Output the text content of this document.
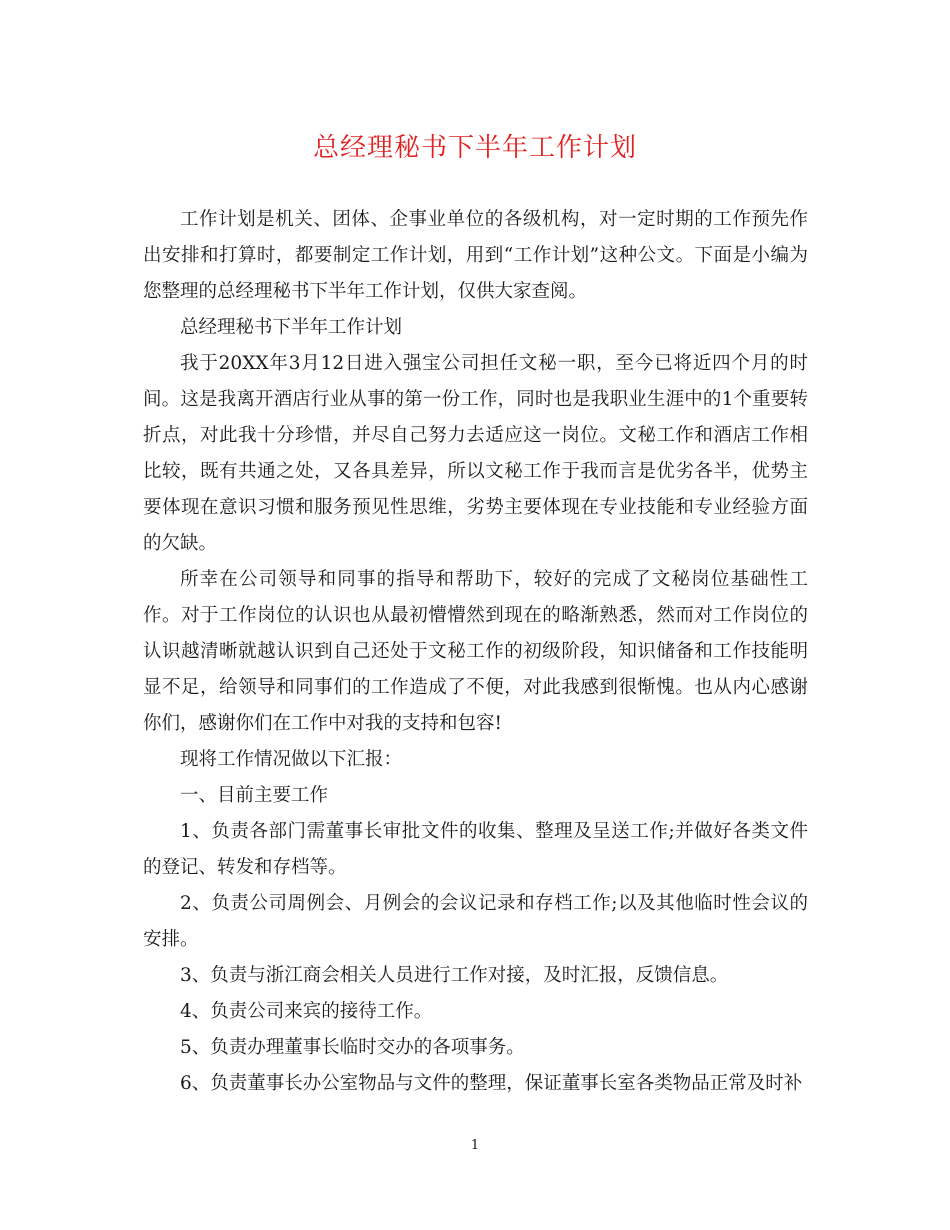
总经理秘书下半年工作计划

工作计划是机关、团体、企事业单位的各级机构，对一定时期的工作预先作出安排和打算时，都要制定工作计划，用到“工作计划”这种公文。下面是小编为您整理的总经理秘书下半年工作计划，仅供大家查阅。

总经理秘书下半年工作计划

我于20XX年3月12日进入强宝公司担任文秘一职，至今已将近四个月的时间。这是我离开酒店行业从事的第一份工作，同时也是我职业生涯中的1个重要转折点，对此我十分珍惜，并尽自己努力去适应这一岗位。文秘工作和酒店工作相比较，既有共通之处，又各具差异，所以文秘工作于我而言是优劣各半，优势主要体现在意识习惯和服务预见性思维，劣势主要体现在专业技能和专业经验方面的欠缺。

所幸在公司领导和同事的指导和帮助下，较好的完成了文秘岗位基础性工作。对于工作岗位的认识也从最初懵懵然到现在的略渐熟悉，然而对工作岗位的认识越清晰就越认识到自己还处于文秘工作的初级阶段，知识储备和工作技能明显不足，给领导和同事们的工作造成了不便，对此我感到很惭愧。也从内心感谢你们，感谢你们在工作中对我的支持和包容!

现将工作情况做以下汇报：

一、目前主要工作

1、负责各部门需董事长审批文件的收集、整理及呈送工作;并做好各类文件的登记、转发和存档等。

2、负责公司周例会、月例会的会议记录和存档工作;以及其他临时性会议的安排。

3、负责与浙江商会相关人员进行工作对接，及时汇报，反馈信息。

4、负责公司来宾的接待工作。

5、负责办理董事长临时交办的各项事务。

6、负责董事长办公室物品与文件的整理，保证董事长室各类物品正常及时补

1
